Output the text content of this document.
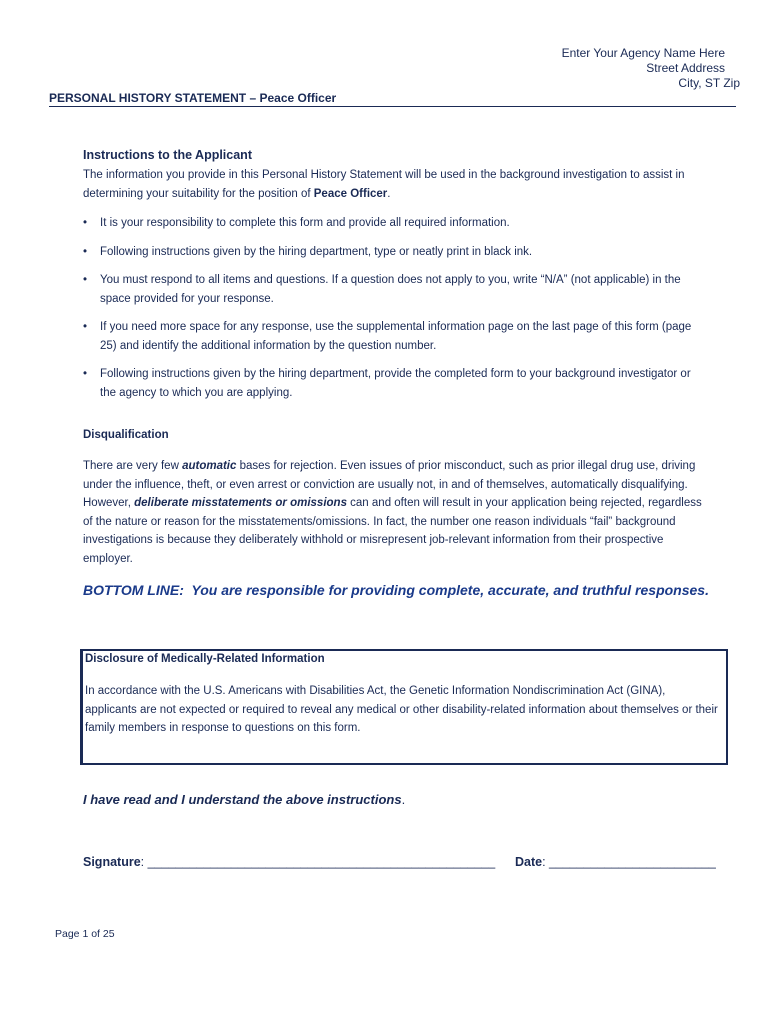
Enter Your Agency Name Here
Street Address
City, ST Zip
PERSONAL HISTORY STATEMENT – Peace Officer
Instructions to the Applicant
The information you provide in this Personal History Statement will be used in the background investigation to assist in determining your suitability for the position of Peace Officer.
• It is your responsibility to complete this form and provide all required information.
• Following instructions given by the hiring department, type or neatly print in black ink.
• You must respond to all items and questions. If a question does not apply to you, write “N/A” (not applicable) in the space provided for your response.
• If you need more space for any response, use the supplemental information page on the last page of this form (page 25) and identify the additional information by the question number.
• Following instructions given by the hiring department, provide the completed form to your background investigator or the agency to which you are applying.
Disqualification
There are very few automatic bases for rejection. Even issues of prior misconduct, such as prior illegal drug use, driving under the influence, theft, or even arrest or conviction are usually not, in and of themselves, automatically disqualifying. However, deliberate misstatements or omissions can and often will result in your application being rejected, regardless of the nature or reason for the misstatements/omissions. In fact, the number one reason individuals “fail” background investigations is because they deliberately withhold or misrepresent job-relevant information from their prospective employer.
BOTTOM LINE:  You are responsible for providing complete, accurate, and truthful responses.
Disclosure of Medically-Related Information
In accordance with the U.S. Americans with Disabilities Act, the Genetic Information Nondiscrimination Act (GINA), applicants are not expected or required to reveal any medical or other disability-related information about themselves or their family members in response to questions on this form.
I have read and I understand the above instructions.
Signature: __________________________________________________ Date: ________________________
Page 1 of 25
